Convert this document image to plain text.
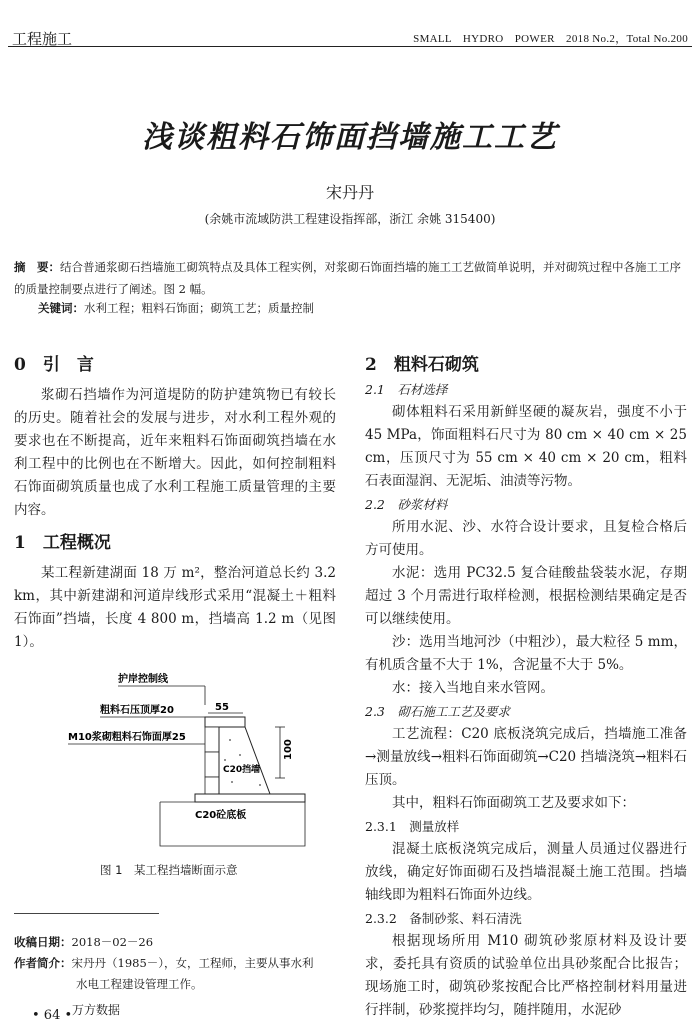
工程施工	SMALL　HYDRO　POWER　2018 No.2，Total No.200
浅谈粗料石饰面挡墙施工工艺
宋丹丹
(余姚市流域防洪工程建设指挥部，浙江 余姚 315400)
摘　要：结合普通浆砌石挡墙施工砌筑特点及具体工程实例，对浆砌石饰面挡墙的施工工艺做简单说明，并对砌筑过程中各施工工序的质量控制要点进行了阐述。图 2 幅。
关键词：水利工程；粗料石饰面；砌筑工艺；质量控制
0　引　言

浆砌石挡墙作为河道堤防的防护建筑物已有较长的历史。随着社会的发展与进步，对水利工程外观的要求也在不断提高，近年来粗料石饰面砌筑挡墙在水利工程中的比例也在不断增大。因此，如何控制粗料石饰面砌筑质量也成了水利工程施工质量管理的主要内容。

1　工程概况

某工程新建湖面 18 万 m²，整治河道总长约 3.2 km，其中新建湖和河道岸线形式采用“混凝土＋粗料石饰面”挡墙，长度 4 800 m，挡墙高 1.2 m（见图 1）。

护岸控制线
粗料石压顶厚20
M10浆砌粗料石饰面厚25
55
C20挡墙
100
C20砼底板
图 1　某工程挡墙断面示意
收稿日期：2018－02－26
作者简介：宋丹丹（1985－），女，工程师，主要从事水利
水电工程建设管理工作。
• 64 • 万方数据
2　粗料石砌筑
2.1　石材选择

砌体粗料石采用新鲜坚硬的凝灰岩，强度不小于 45 MPa，饰面粗料石尺寸为 80 cm × 40 cm × 25 cm，压顶尺寸为 55 cm × 40 cm × 20 cm，粗料石表面湿润、无泥垢、油渍等污物。

2.2　砂浆材料

所用水泥、沙、水符合设计要求，且复检合格后方可使用。

水泥：选用 PC32.5 复合硅酸盐袋装水泥，存期超过 3 个月需进行取样检测，根据检测结果确定是否可以继续使用。

沙：选用当地河沙（中粗沙），最大粒径 5 mm，有机质含量不大于 1%，含泥量不大于 5%。

水：接入当地自来水管网。

2.3　砌石施工工艺及要求

工艺流程：C20 底板浇筑完成后，挡墙施工准备→测量放线→粗料石饰面砌筑→C20 挡墙浇筑→粗料石压顶。

其中，粗料石饰面砌筑工艺及要求如下：

2.3.1　测量放样

混凝土底板浇筑完成后，测量人员通过仪器进行放线，确定好饰面砌石及挡墙混凝土施工范围。挡墙轴线即为粗料石饰面外边线。

2.3.2　备制砂浆、料石清洗

根据现场所用 M10 砌筑砂浆原材料及设计要求，委托具有资质的试验单位出具砂浆配合比报告；现场施工时，砌筑砂浆按配合比严格控制材料用量进行拌制，砂浆搅拌均匀，随拌随用，水泥砂
